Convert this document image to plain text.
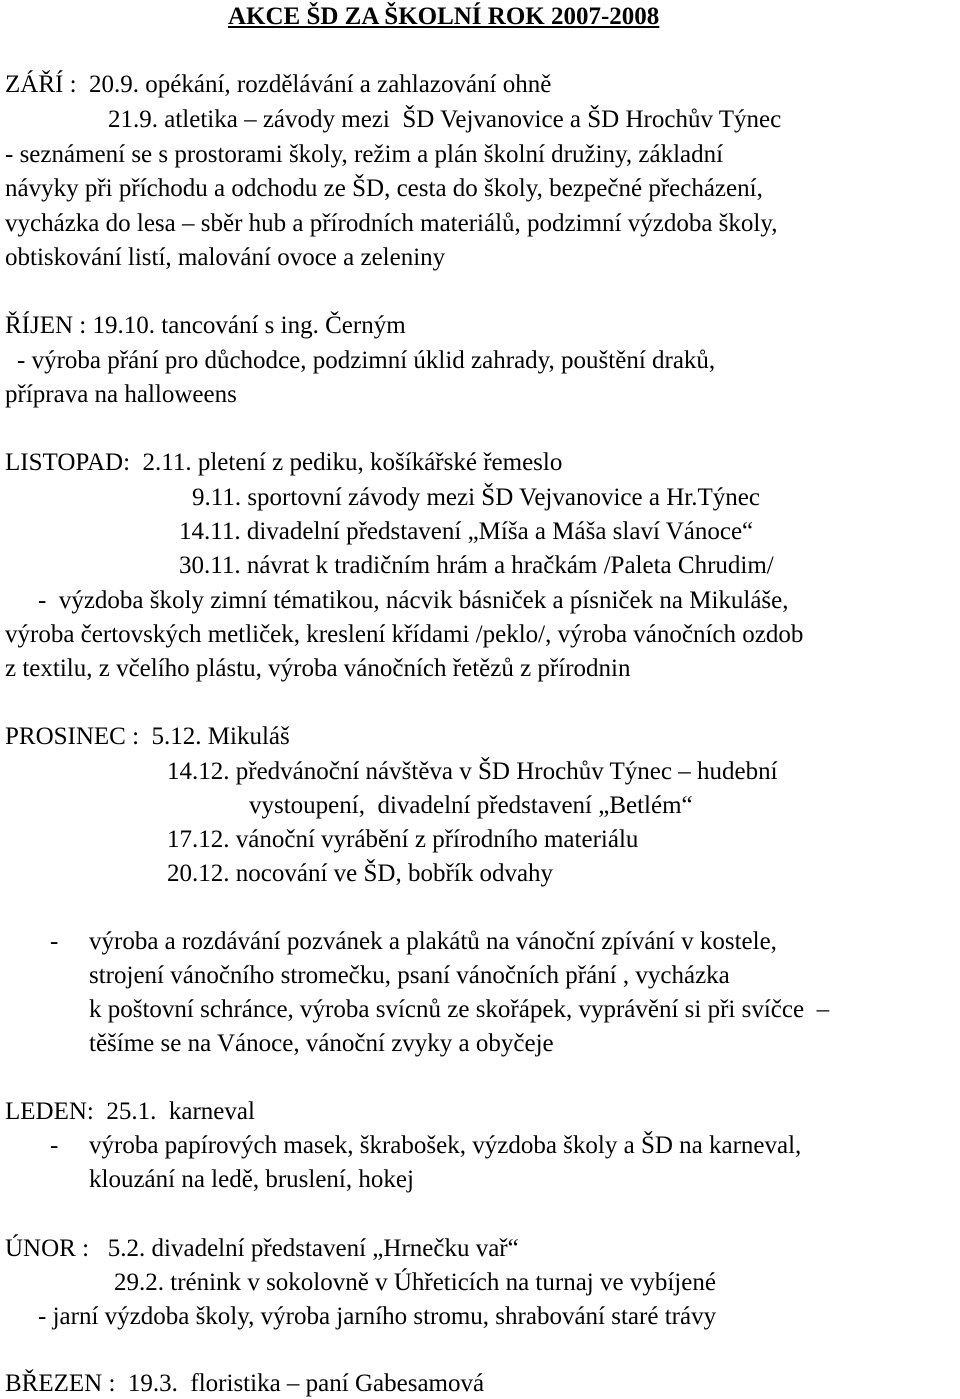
AKCE ŠD ZA ŠKOLNÍ ROK 2007-2008
ZÁŘÍ :  20.9. opékání, rozdělávání a zahlazování ohně
21.9. atletika – závody mezi  ŠD Vejvanovice a ŠD Hrochův Týnec
- seznámení se s prostorami školy, režim a plán školní družiny, základní
návyky při příchodu a odchodu ze ŠD, cesta do školy, bezpečné přecházení,
vycházka do lesa – sběr hub a přírodních materiálů, podzimní výzdoba školy,
obtiskování listí, malování ovoce a zeleniny
ŘÍJEN : 19.10. tancování s ing. Černým
- výroba přání pro důchodce, podzimní úklid zahrady, pouštění draků,
příprava na halloweens
LISTOPAD:  2.11. pletení z pediku, košíkářské řemeslo
9.11. sportovní závody mezi ŠD Vejvanovice a Hr.Týnec
14.11. divadelní představení „Míša a Máša slaví Vánoce“
30.11. návrat k tradičním hrám a hračkám /Paleta Chrudim/
-  výzdoba školy zimní tématikou, nácvik básniček a písniček na Mikuláše,
výroba čertovských metliček, kreslení křídami /peklo/, výroba vánočních ozdob
z textilu, z včelího plástu, výroba vánočních řetězů z přírodnin
PROSINEC :  5.12. Mikuláš
14.12. předvánoční návštěva v ŠD Hrochův Týnec – hudební
vystoupení,  divadelní představení „Betlém“
17.12. vánoční vyrábění z přírodního materiálu
20.12. nocování ve ŠD, bobřík odvahy
- výroba a rozdávání pozvánek a plakátů na vánoční zpívání v kostele,
strojení vánočního stromečku, psaní vánočních přání , vycházka
k poštovní schránce, výroba svícnů ze skořápek, vyprávění si při svíčce  –
těšíme se na Vánoce, vánoční zvyky a obyčeje
LEDEN:  25.1.  karneval
- výroba papírových masek, škrabošek, výzdoba školy a ŠD na karneval,
klouzání na ledě, bruslení, hokej
ÚNOR :   5.2. divadelní představení „Hrnečku vař“
29.2. trénink v sokolovně v Úhřeticích na turnaj ve vybíjené
- jarní výzdoba školy, výroba jarního stromu, shrabování staré trávy
BŘEZEN :  19.3.  floristika – paní Gabesamová
